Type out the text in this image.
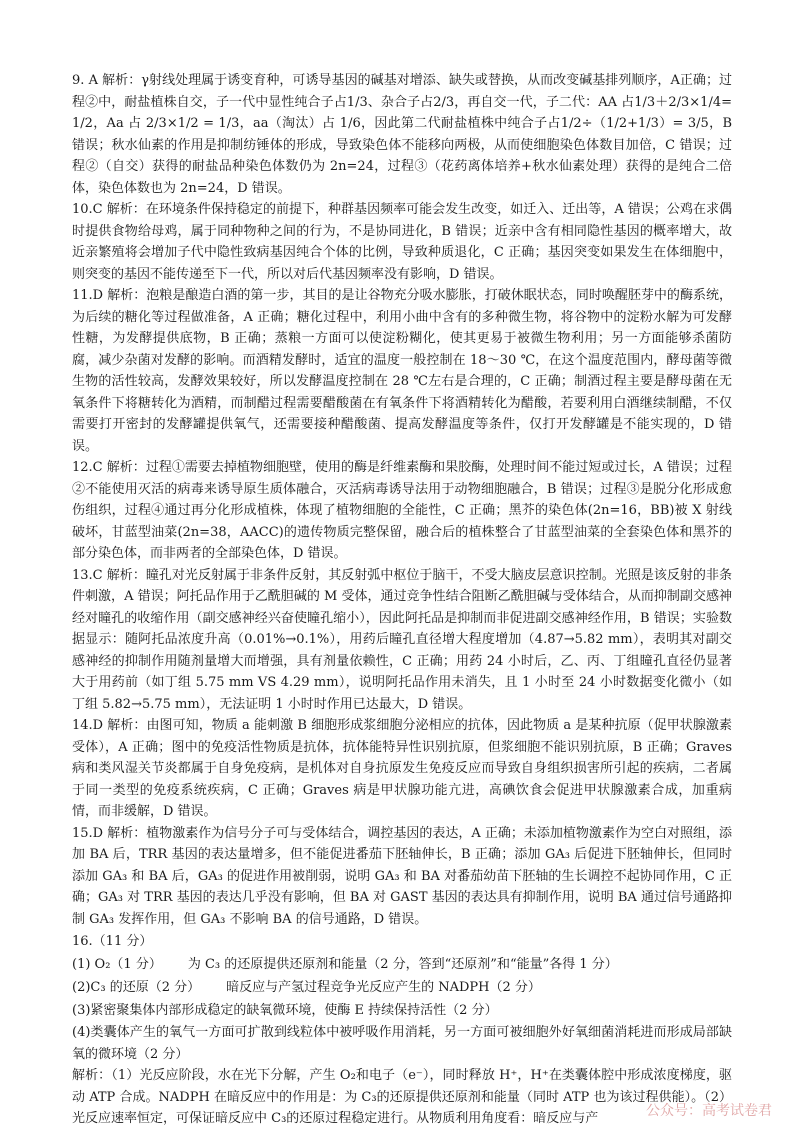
9. A 解析：γ射线处理属于诱变育种，可诱导基因的碱基对增添、缺失或替换，从而改变碱基排列顺序，A正确；过程②中，耐盐植株自交，子一代中显性纯合子占1/3、杂合子占2/3，再自交一代，子二代：AA 占1/3＋2/3×1/4=1/2，Aa 占 2/3×1/2 = 1/3，aa（淘汰）占 1/6，因此第二代耐盐植株中纯合子占1/2÷（1/2+1/3）= 3/5，B 错误；秋水仙素的作用是抑制纺锤体的形成，导致染色体不能移向两极，从而使细胞染色体数目加倍，C 错误；过程②（自交）获得的耐盐品种染色体数仍为 2n=24，过程③（花药离体培养+秋水仙素处理）获得的是纯合二倍体，染色体数也为 2n=24，D 错误。

10.C 解析：在环境条件保持稳定的前提下，种群基因频率可能会发生改变，如迁入、迁出等，A 错误；公鸡在求偶时提供食物给母鸡，属于同种物种之间的行为，不是协同进化，B 错误；近亲中含有相同隐性基因的概率增大，故近亲繁殖将会增加子代中隐性致病基因纯合个体的比例，导致种质退化，C 正确；基因突变如果发生在体细胞中，则突变的基因不能传递至下一代，所以对后代基因频率没有影响，D 错误。

11.D 解析：泡粮是酿造白酒的第一步，其目的是让谷物充分吸水膨胀，打破休眠状态，同时唤醒胚芽中的酶系统，为后续的糖化等过程做准备，A 正确；糖化过程中，利用小曲中含有的多种微生物，将谷物中的淀粉水解为可发酵性糖，为发酵提供底物，B 正确；蒸粮一方面可以使淀粉糊化，使其更易于被微生物利用；另一方面能够杀菌防腐，减少杂菌对发酵的影响。而酒精发酵时，适宜的温度一般控制在 18～30 ℃，在这个温度范围内，酵母菌等微生物的活性较高，发酵效果较好，所以发酵温度控制在 28 ℃左右是合理的，C 正确；制酒过程主要是酵母菌在无氧条件下将糖转化为酒精，而制醋过程需要醋酸菌在有氧条件下将酒精转化为醋酸，若要利用白酒继续制醋，不仅需要打开密封的发酵罐提供氧气，还需要接种醋酸菌、提高发酵温度等条件，仅打开发酵罐是不能实现的，D 错误。

12.C 解析：过程①需要去掉植物细胞壁，使用的酶是纤维素酶和果胶酶，处理时间不能过短或过长，A 错误；过程②不能使用灭活的病毒来诱导原生质体融合，灭活病毒诱导法用于动物细胞融合，B 错误；过程③是脱分化形成愈伤组织，过程④通过再分化形成植株，体现了植物细胞的全能性，C 正确；黑芥的染色体(2n=16，BB)被 X 射线破坏，甘蓝型油菜(2n=38，AACC)的遗传物质完整保留，融合后的植株整合了甘蓝型油菜的全套染色体和黑芥的部分染色体，而非两者的全部染色体，D 错误。

13.C 解析：瞳孔对光反射属于非条件反射，其反射弧中枢位于脑干，不受大脑皮层意识控制。光照是该反射的非条件刺激，A 错误；阿托品作用于乙酰胆碱的 M 受体，通过竞争性结合阻断乙酰胆碱与受体结合，从而抑制副交感神经对瞳孔的收缩作用（副交感神经兴奋使瞳孔缩小），因此阿托品是抑制而非促进副交感神经作用，B 错误；实验数据显示：随阿托品浓度升高（0.01%→0.1%），用药后瞳孔直径增大程度增加（4.87→5.82 mm），表明其对副交感神经的抑制作用随剂量增大而增强，具有剂量依赖性，C 正确；用药 24 小时后，乙、丙、丁组瞳孔直径仍显著大于用药前（如丁组 5.75 mm VS 4.29 mm），说明阿托品作用未消失，且 1 小时至 24 小时数据变化微小（如丁组 5.82→5.75 mm），无法证明 1 小时时作用已达最大，D 错误。

14.D 解析：由图可知，物质 a 能刺激 B 细胞形成浆细胞分泌相应的抗体，因此物质 a 是某种抗原（促甲状腺激素受体），A 正确；图中的免疫活性物质是抗体，抗体能特异性识别抗原，但浆细胞不能识别抗原，B 正确；Graves 病和类风湿关节炎都属于自身免疫病，是机体对自身抗原发生免疫反应而导致自身组织损害所引起的疾病，二者属于同一类型的免疫系统疾病，C 正确；Graves 病是甲状腺功能亢进，高碘饮食会促进甲状腺激素合成，加重病情，而非缓解，D 错误。

15.D 解析：植物激素作为信号分子可与受体结合，调控基因的表达，A 正确；未添加植物激素作为空白对照组，添加 BA 后，TRR 基因的表达量增多，但不能促进番茄下胚轴伸长，B 正确；添加 GA₃ 后促进下胚轴伸长，但同时添加 GA₃ 和 BA 后，GA₃ 的促进作用被削弱，说明 GA₃ 和 BA 对番茄幼苗下胚轴的生长调控不起协同作用，C 正确；GA₃ 对 TRR 基因的表达几乎没有影响，但 BA 对 GAST 基因的表达具有抑制作用，说明 BA 通过信号通路抑制 GA₃ 发挥作用，但 GA₃ 不影响 BA 的信号通路，D 错误。

16.（11 分）

(1) O₂（1 分） 为 C₃ 的还原提供还原剂和能量（2 分，答到“还原剂”和“能量”各得 1 分）

(2)C₃ 的还原（2 分） 暗反应与产氢过程竞争光反应产生的 NADPH（2 分）

(3)紧密聚集体内部形成稳定的缺氧微环境，使酶 E 持续保持活性（2 分）

(4)类囊体产生的氧气一方面可扩散到线粒体中被呼吸作用消耗，另一方面可被细胞外好氧细菌消耗进而形成局部缺氧的微环境（2 分）

解析：（1）光反应阶段，水在光下分解，产生 O₂和电子（e⁻），同时释放 H⁺，H⁺在类囊体腔中形成浓度梯度，驱动 ATP 合成。NADPH 在暗反应中的作用是：为 C₃的还原提供还原剂和能量（同时 ATP 也为该过程供能）。（2）光反应速率恒定，可保证暗反应中 C₃的还原过程稳定进行。从物质利用角度看：暗反应与产	公众号：高考试卷君
